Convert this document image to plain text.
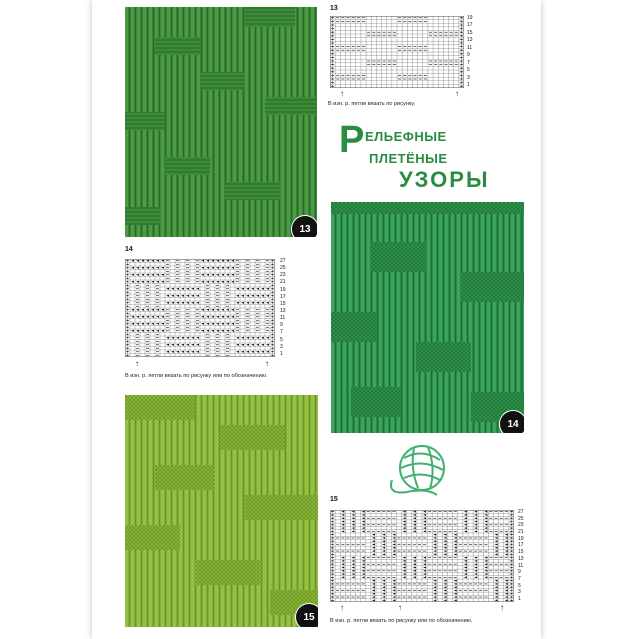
13
13
19
17
15
13
11
9
7
5
3
1
↑	↑
В изн. р. петли вязать по рисунку.
Р ЕЛЬЕФНЫЕ
ПЛЕТЁНЫЕ
УЗОРЫ
14
27
25
23
21
19
17
15
13
11
9
7
5
3
1
↑	↑
В изн. р. петли вязать по рисунку или по обозначению.
14
15
15
27
25
23
21
19
17
15
13
11
9
7
5
3
1
↑	↑	↑
В изн. р. петли вязать по рисунку или по обозначению.
